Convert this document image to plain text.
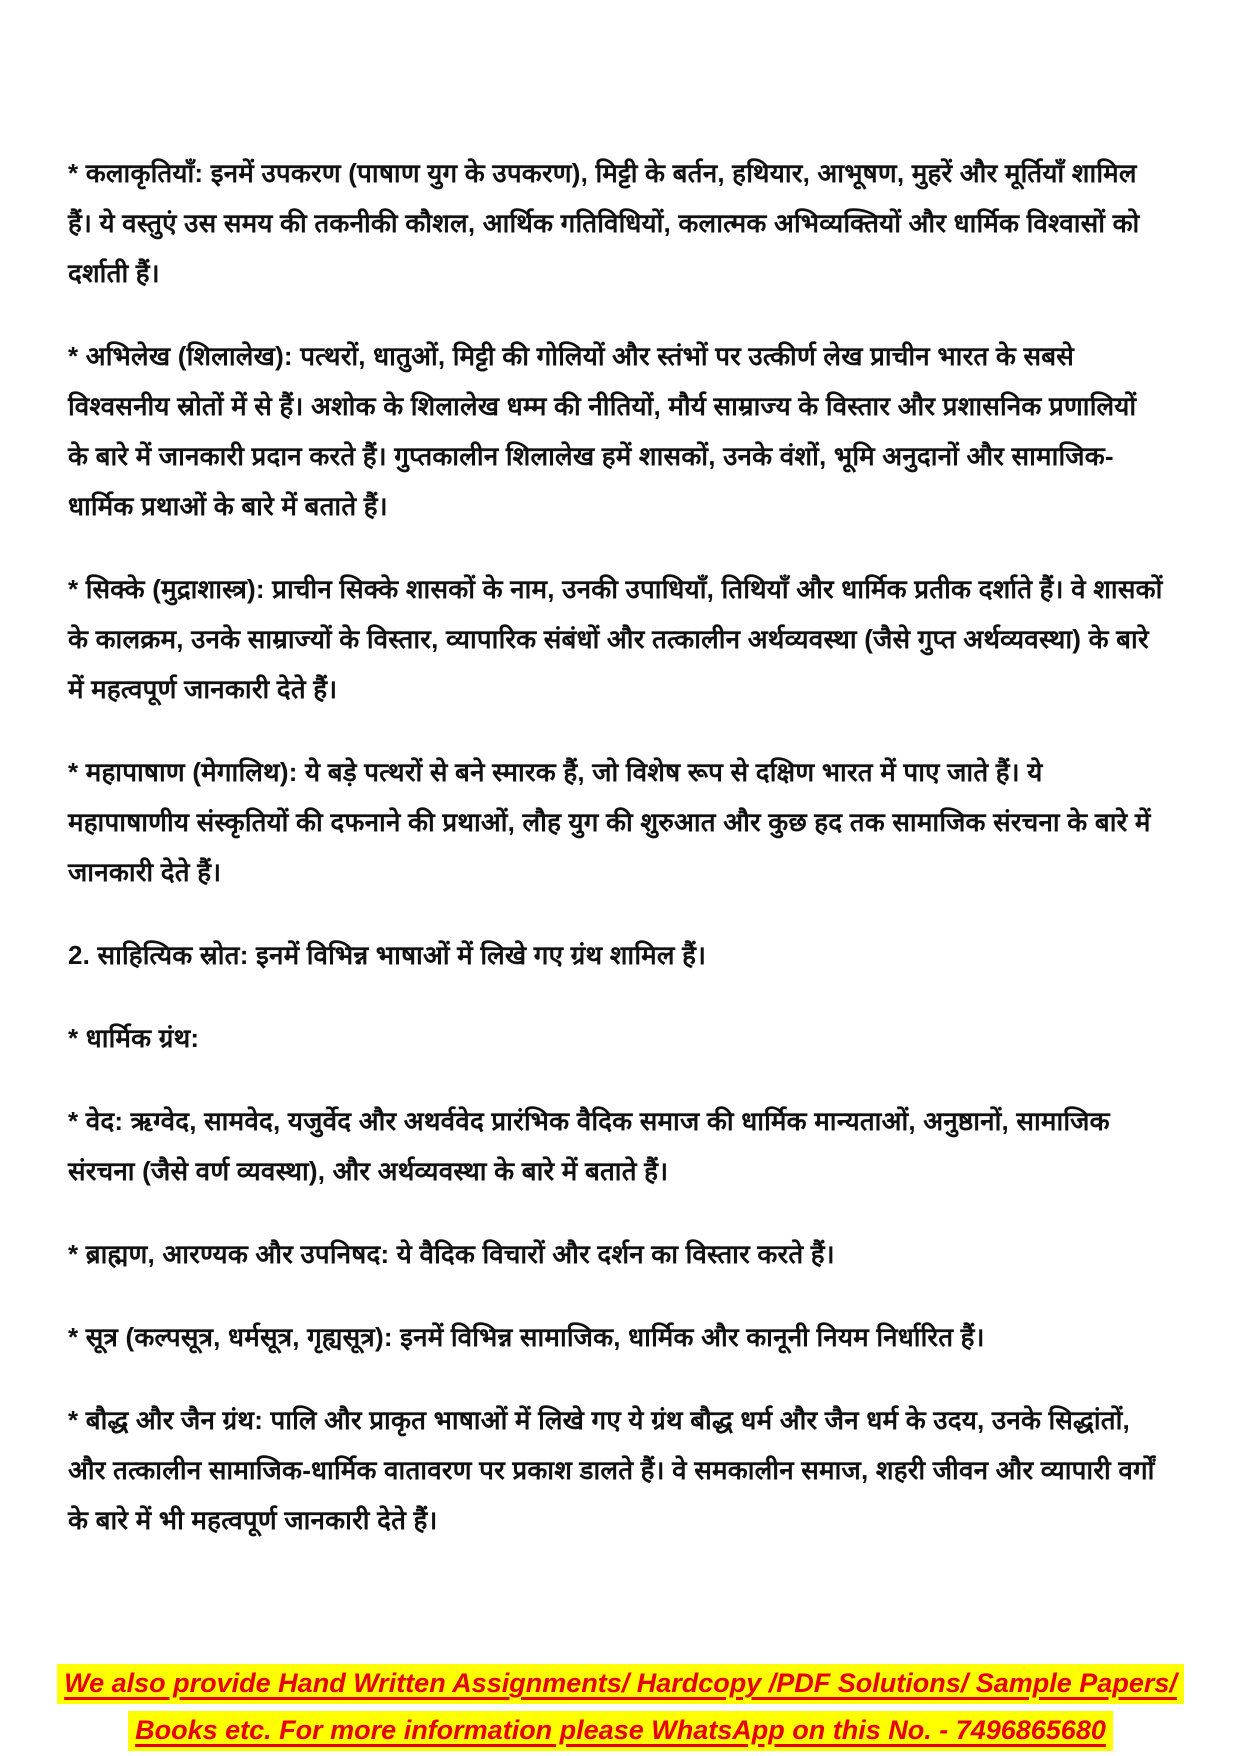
* कलाकृतियाँ: इनमें उपकरण (पाषाण युग के उपकरण), मिट्टी के बर्तन, हथियार, आभूषण, मुहरें और मूर्तियाँ शामिल हैं। ये वस्तुएं उस समय की तकनीकी कौशल, आर्थिक गतिविधियों, कलात्मक अभिव्यक्तियों और धार्मिक विश्वासों को दर्शाती हैं।

* अभिलेख (शिलालेख): पत्थरों, धातुओं, मिट्टी की गोलियों और स्तंभों पर उत्कीर्ण लेख प्राचीन भारत के सबसे विश्वसनीय स्रोतों में से हैं। अशोक के शिलालेख धम्म की नीतियों, मौर्य साम्राज्य के विस्तार और प्रशासनिक प्रणालियों के बारे में जानकारी प्रदान करते हैं। गुप्तकालीन शिलालेख हमें शासकों, उनके वंशों, भूमि अनुदानों और सामाजिक-धार्मिक प्रथाओं के बारे में बताते हैं।

* सिक्के (मुद्राशास्त्र): प्राचीन सिक्के शासकों के नाम, उनकी उपाधियाँ, तिथियाँ और धार्मिक प्रतीक दर्शाते हैं। वे शासकों के कालक्रम, उनके साम्राज्यों के विस्तार, व्यापारिक संबंधों और तत्कालीन अर्थव्यवस्था (जैसे गुप्त अर्थव्यवस्था) के बारे में महत्वपूर्ण जानकारी देते हैं।

* महापाषाण (मेगालिथ): ये बड़े पत्थरों से बने स्मारक हैं, जो विशेष रूप से दक्षिण भारत में पाए जाते हैं। ये महापाषाणीय संस्कृतियों की दफनाने की प्रथाओं, लौह युग की शुरुआत और कुछ हद तक सामाजिक संरचना के बारे में जानकारी देते हैं।

2. साहित्यिक स्रोत: इनमें विभिन्न भाषाओं में लिखे गए ग्रंथ शामिल हैं।

* धार्मिक ग्रंथ:

* वेद: ऋग्वेद, सामवेद, यजुर्वेद और अथर्ववेद प्रारंभिक वैदिक समाज की धार्मिक मान्यताओं, अनुष्ठानों, सामाजिक संरचना (जैसे वर्ण व्यवस्था), और अर्थव्यवस्था के बारे में बताते हैं।

* ब्राह्मण, आरण्यक और उपनिषद: ये वैदिक विचारों और दर्शन का विस्तार करते हैं।

* सूत्र (कल्पसूत्र, धर्मसूत्र, गृह्यसूत्र): इनमें विभिन्न सामाजिक, धार्मिक और कानूनी नियम निर्धारित हैं।

* बौद्ध और जैन ग्रंथ: पालि और प्राकृत भाषाओं में लिखे गए ये ग्रंथ बौद्ध धर्म और जैन धर्म के उदय, उनके सिद्धांतों, और तत्कालीन सामाजिक-धार्मिक वातावरण पर प्रकाश डालते हैं। वे समकालीन समाज, शहरी जीवन और व्यापारी वर्गों के बारे में भी महत्वपूर्ण जानकारी देते हैं।

We also provide Hand Written Assignments/ Hardcopy /PDF Solutions/ Sample Papers/

Books etc. For more information please WhatsApp on this No. - 7496865680
